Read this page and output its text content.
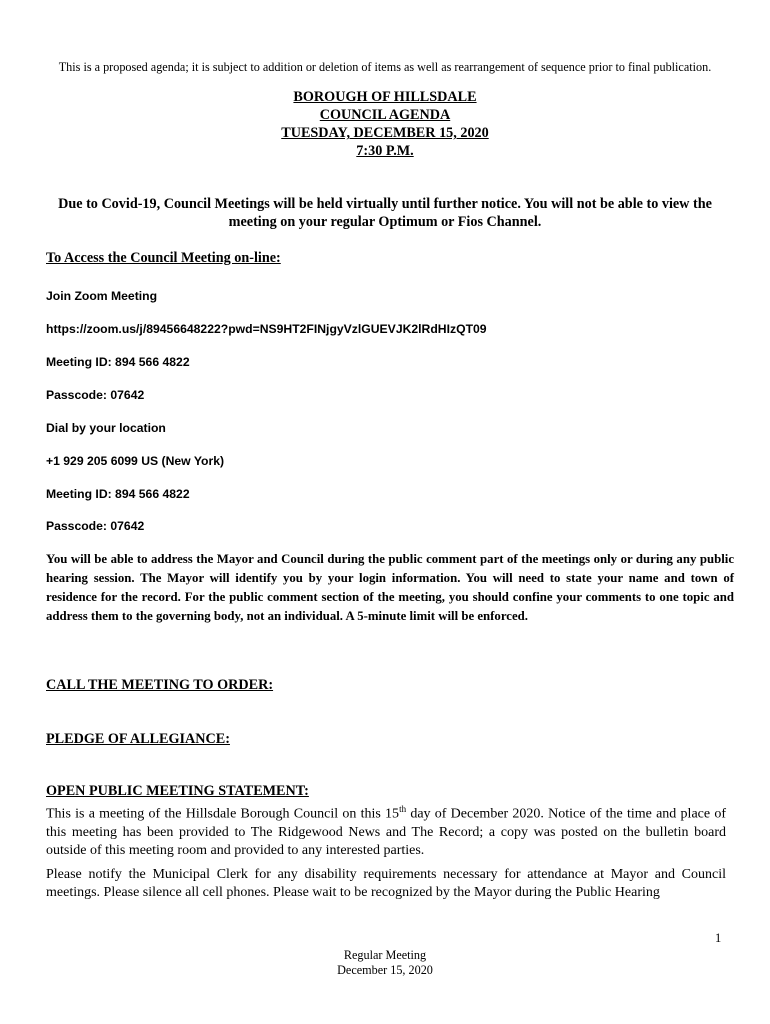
This is a proposed agenda; it is subject to addition or deletion of items as well as rearrangement of sequence prior to final publication.
BOROUGH OF HILLSDALE
COUNCIL AGENDA
TUESDAY, DECEMBER 15, 2020
7:30 P.M.
Due to Covid-19, Council Meetings will be held virtually until further notice. You will not be able to view the meeting on your regular Optimum or Fios Channel.
To Access the Council Meeting on-line:
Join Zoom Meeting
https://zoom.us/j/89456648222?pwd=NS9HT2FINjgyVzlGUEVJK2lRdHIzQT09
Meeting ID: 894 566 4822
Passcode: 07642
Dial by your location
+1 929 205 6099 US (New York)
Meeting ID: 894 566 4822
Passcode: 07642
You will be able to address the Mayor and Council during the public comment part of the meetings only or during any public hearing session. The Mayor will identify you by your login information. You will need to state your name and town of residence for the record. For the public comment section of the meeting, you should confine your comments to one topic and address them to the governing body, not an individual. A 5-minute limit will be enforced.
CALL THE MEETING TO ORDER:
PLEDGE OF ALLEGIANCE:
OPEN PUBLIC MEETING STATEMENT:
This is a meeting of the Hillsdale Borough Council on this 15th day of December 2020. Notice of the time and place of this meeting has been provided to The Ridgewood News and The Record; a copy was posted on the bulletin board outside of this meeting room and provided to any interested parties.
Please notify the Municipal Clerk for any disability requirements necessary for attendance at Mayor and Council meetings. Please silence all cell phones. Please wait to be recognized by the Mayor during the Public Hearing
1
Regular Meeting
December 15, 2020
